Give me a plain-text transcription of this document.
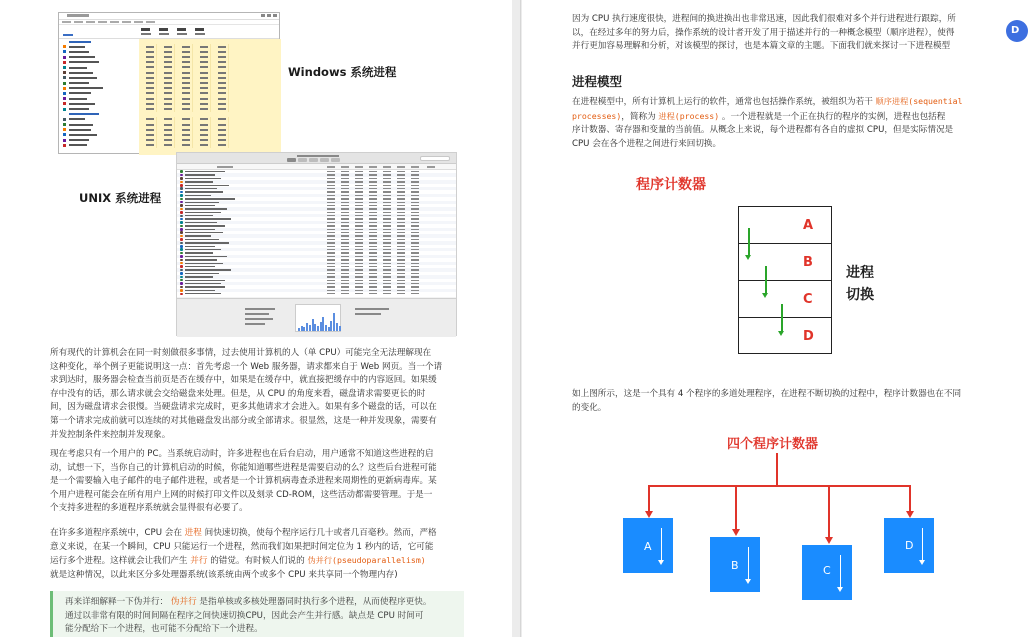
Windows 系统进程
UNIX 系统进程
所有现代的计算机会在同一时刻做很多事情，过去使用计算机的人（单 CPU）可能完全无法理解现在
这种变化，举个例子更能说明这一点：首先考虑一个 Web 服务器，请求都来自于 Web 网页。当一个请
求到达时，服务器会检查当前页是否在缓存中，如果是在缓存中，就直接把缓存中的内容返回。如果缓
存中没有的话，那么请求就会交给磁盘来处理。但是，从 CPU 的角度来看，磁盘请求需要更长的时
间，因为磁盘请求会很慢。当硬盘请求完成时，更多其他请求才会进入。如果有多个磁盘的话，可以在
第一个请求完成前就可以连续的对其他磁盘发出部分或全部请求。很显然，这是一种并发现象，需要有
并发控制条件来控制并发现象。
现在考虑只有一个用户的 PC。当系统启动时，许多进程也在后台启动，用户通常不知道这些进程的启
动，试想一下，当你自己的计算机启动的时候，你能知道哪些进程是需要启动的么？这些后台进程可能
是一个需要输入电子邮件的电子邮件进程，或者是一个计算机病毒查杀进程来周期性的更新病毒库。某
个用户进程可能会在所有用户上网的时候打印文件以及刻录 CD-ROM，这些活动都需要管理。于是一
个支持多进程的多道程序系统就会显得很有必要了。
在许多多道程序系统中，CPU 会在 进程 间快速切换，使每个程序运行几十或者几百毫秒。然而，严格
意义来说，在某一个瞬间，CPU 只能运行一个进程，然而我们如果把时间定位为 1 秒内的话，它可能
运行多个进程。这样就会让我们产生 并行 的错觉。有时候人们说的 伪并行(pseudoparallelism)
就是这种情况，以此来区分多处理器系统(该系统由两个或多个 CPU 来共享同一个物理内存)
再来详细解释一下伪并行： 伪并行 是指单核或多核处理器同时执行多个进程，从而使程序更快。
通过以非常有限的时间间隔在程序之间快速切换CPU，因此会产生并行感。缺点是 CPU 时间可
能分配给下一个进程，也可能不分配给下一个进程。
因为 CPU 执行速度很快，进程间的换进换出也非常迅速，因此我们很难对多个并行进程进行跟踪，所
以，在经过多年的努力后，操作系统的设计者开发了用于描述并行的一种概念模型（顺序进程），使得
并行更加容易理解和分析，对该模型的探讨，也是本篇文章的主题。下面我们就来探讨一下进程模型
在进程模型中，所有计算机上运行的软件，通常也包括操作系统，被组织为若干 顺序进程(sequential
processes)，简称为 进程(process) 。一个进程就是一个正在执行的程序的实例，进程也包括程
序计数器、寄存器和变量的当前值。从概念上来说，每个进程都有各自的虚拟 CPU，但是实际情况是
CPU 会在各个进程之间进行来回切换。
如上图所示，这是一个具有 4 个程序的多道处理程序，在进程不断切换的过程中，程序计数器也在不同
的变化。
进程模型
程序计数器
A
B
C
D
进程
切换
四个程序计数器
A
B	C
D
D
